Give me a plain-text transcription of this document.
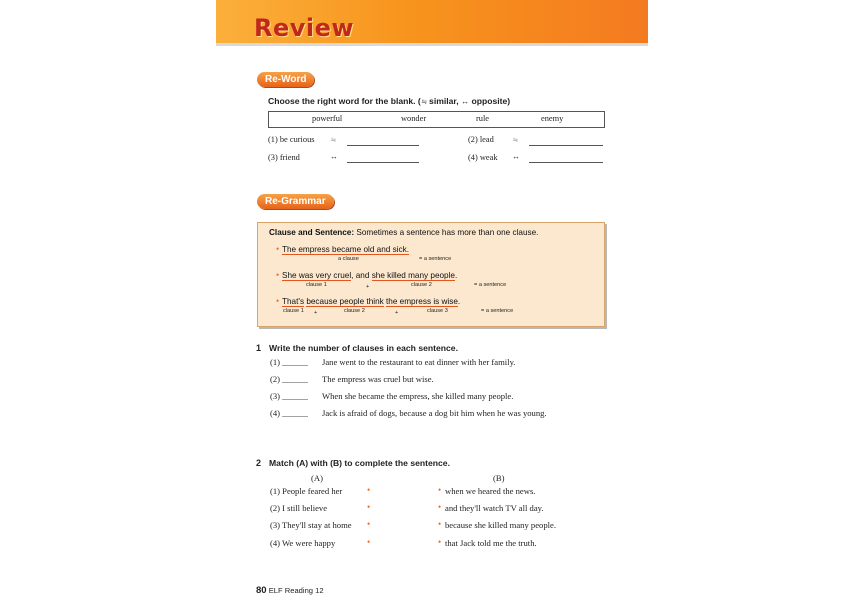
Review
Re-Word
Choose the right word for the blank. (≒ similar, ↔ opposite)
powerful	wonder	rule	enemy
(1) be curious ≒	(2) lead	≒
(3) friend	↔	(4) weak ↔
Re-Grammar
Clause and Sentence: Sometimes a sentence has more than one clause.
• The empress became old and sick.
a clause	= a sentence
• She was very cruel, and she killed many people.
clause 1	+	clause 2	= a sentence
• That's because people think the empress is wise.
clause 1 +	clause 2	+	clause 3	= a sentence
1 Write the number of clauses in each sentence.
(1) ______ Jane went to the restaurant to eat dinner with her family.
(2) ______ The empress was cruel but wise.
(3) ______ When she became the empress, she killed many people.
(4) ______ Jack is afraid of dogs, because a dog bit him when he was young.
2 Match (A) with (B) to complete the sentence.
(A)	(B)
(1) People feared her	•	• when we heared the news.
(2) I still believe	•	• and they'll watch TV all day.
(3) They'll stay at home •	• because she killed many people.
(4) We were happy	•	• that Jack told me the truth.
80 ELF Reading 12
